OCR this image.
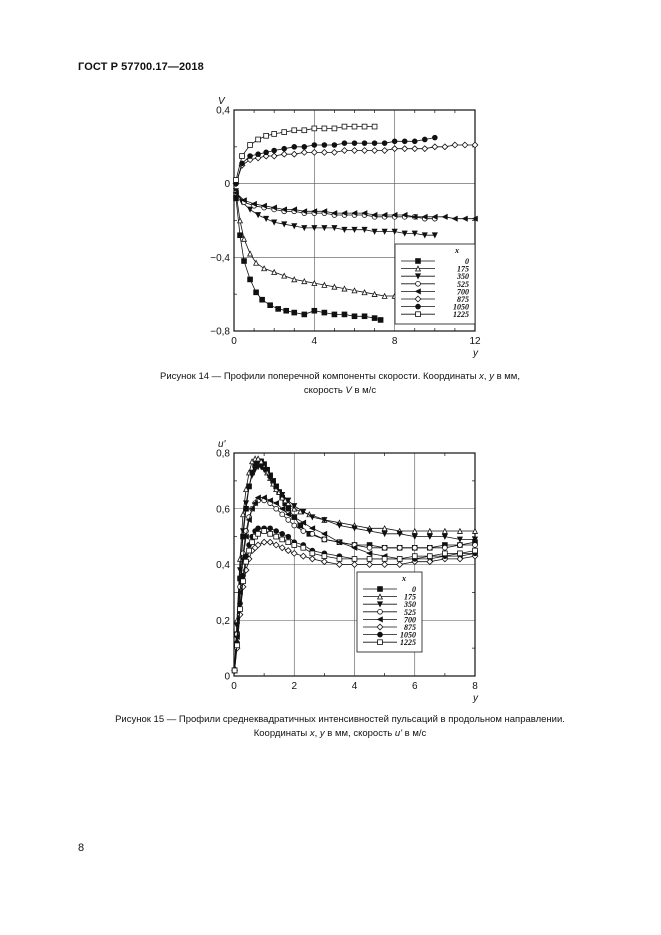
ГОСТ Р 57700.17—2018
0	4	8	12
0,4
0
−0,4
−0,8
V
y
x
0
175
350
525
700
875
1050
1225
Рисунок 14 — Профили поперечной компоненты скорости. Координаты x, y в мм,
скорость V в м/с
0	2	4	6	8
0,8
0,6
0,4
0,2
0
u'
y
x
0
175
350
525
700
875
1050
1225
Рисунок 15 — Профили среднеквадратичных интенсивностей пульсаций в продольном направлении.
Координаты x, y в мм, скорость u' в м/с
8
